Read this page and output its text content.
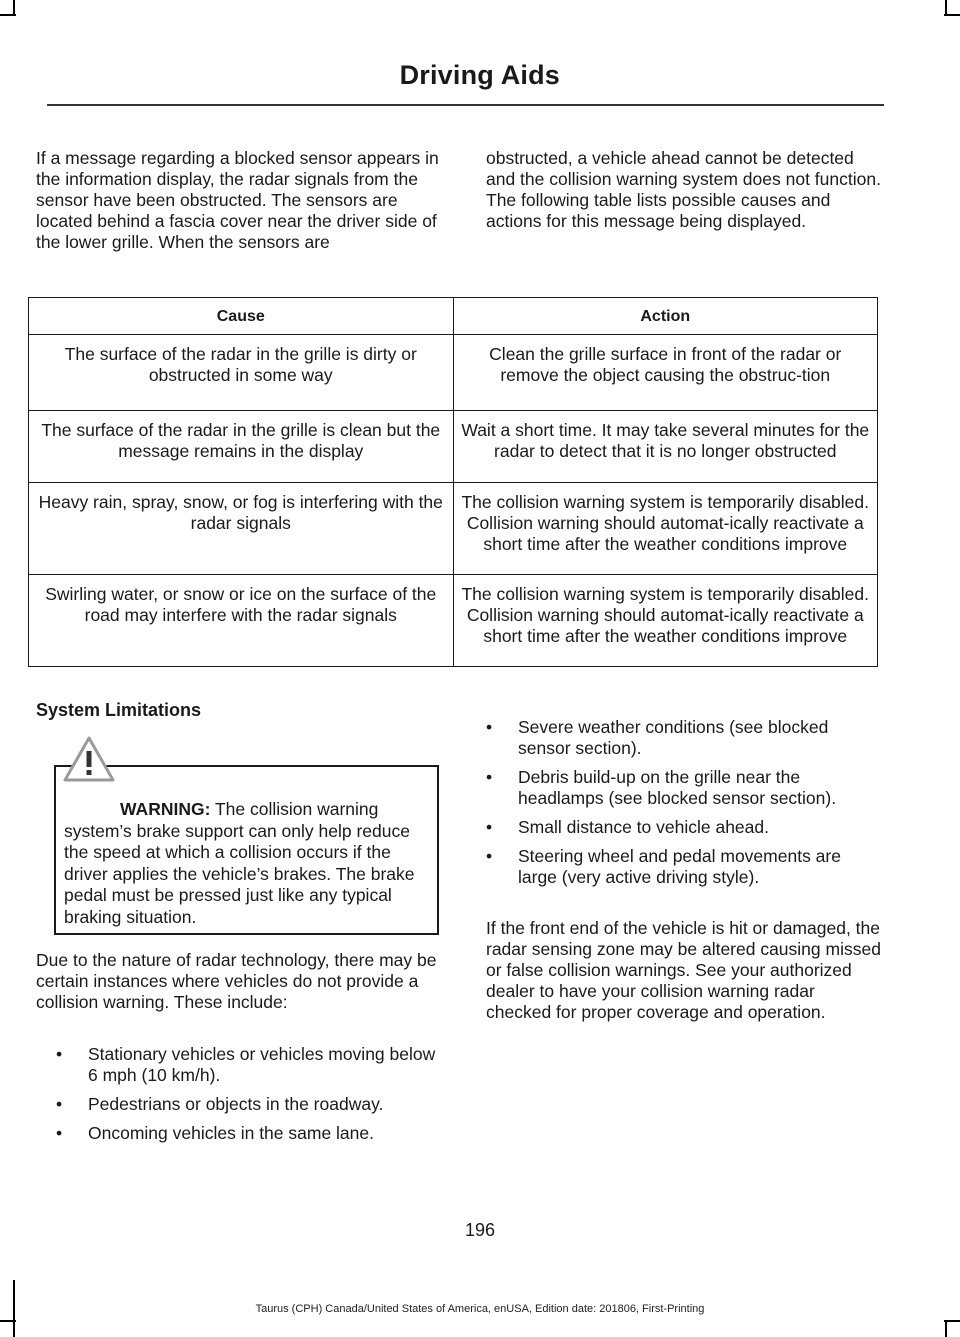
Driving Aids

If a message regarding a blocked sensor appears in the information display, the radar signals from the sensor have been obstructed. The sensors are located behind a fascia cover near the driver side of the lower grille. When the sensors are

obstructed, a vehicle ahead cannot be detected and the collision warning system does not function. The following table lists possible causes and actions for this message being displayed.

Cause	Action
The surface of the radar in the grille is dirty or obstructed in some way	Clean the grille surface in front of the radar or remove the object causing the obstruc-tion
The surface of the radar in the grille is clean but the message remains in the display	Wait a short time. It may take several minutes for the radar to detect that it is no longer obstructed
Heavy rain, spray, snow, or fog is interfering with the radar signals	The collision warning system is temporarily disabled. Collision warning should automat-ically reactivate a short time after the weather conditions improve
Swirling water, or snow or ice on the surface of the road may interfere with the radar signals	The collision warning system is temporarily disabled. Collision warning should automat-ically reactivate a short time after the weather conditions improve
System Limitations

WARNING: The collision warning system’s brake support can only help reduce the speed at which a collision occurs if the driver applies the vehicle’s brakes. The brake pedal must be pressed just like any typical braking situation.

Due to the nature of radar technology, there may be certain instances where vehicles do not provide a collision warning. These include:

• Stationary vehicles or vehicles moving below 6 mph (10 km/h).
• Pedestrians or objects in the roadway.
• Oncoming vehicles in the same lane.
• Severe weather conditions (see blocked sensor section).
• Debris build-up on the grille near the headlamps (see blocked sensor section).
• Small distance to vehicle ahead.
• Steering wheel and pedal movements are large (very active driving style).

If the front end of the vehicle is hit or damaged, the radar sensing zone may be altered causing missed or false collision warnings. See your authorized dealer to have your collision warning radar checked for proper coverage and operation.

196
Taurus (CPH) Canada/United States of America, enUSA, Edition date: 201806, First-Printing
